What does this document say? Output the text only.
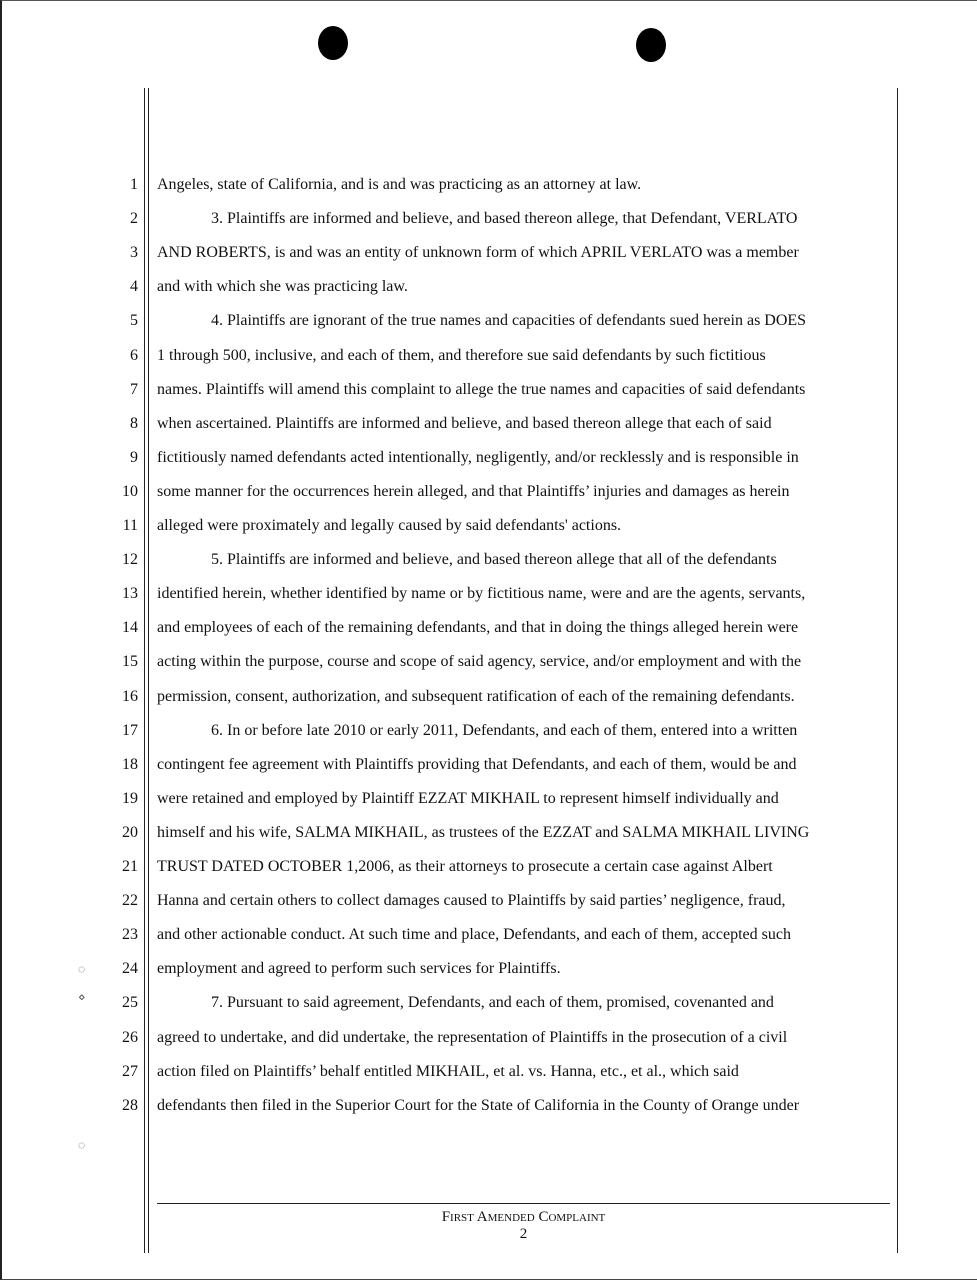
1 Angeles, state of California, and is and was practicing as an attorney at law.
2	3. Plaintiffs are informed and believe, and based thereon allege, that Defendant, VERLATO
3 AND ROBERTS, is and was an entity of unknown form of which APRIL VERLATO was a member
4 and with which she was practicing law.
5	4. Plaintiffs are ignorant of the true names and capacities of defendants sued herein as DOES
6 1 through 500, inclusive, and each of them, and therefore sue said defendants by such fictitious
7 names. Plaintiffs will amend this complaint to allege the true names and capacities of said defendants
8 when ascertained. Plaintiffs are informed and believe, and based thereon allege that each of said
9 fictitiously named defendants acted intentionally, negligently, and/or recklessly and is responsible in
10 some manner for the occurrences herein alleged, and that Plaintiffs’ injuries and damages as herein
11 alleged were proximately and legally caused by said defendants' actions.
12	5. Plaintiffs are informed and believe, and based thereon allege that all of the defendants
13 identified herein, whether identified by name or by fictitious name, were and are the agents, servants,
14 and employees of each of the remaining defendants, and that in doing the things alleged herein were
15 acting within the purpose, course and scope of said agency, service, and/or employment and with the
16 permission, consent, authorization, and subsequent ratification of each of the remaining defendants.
17	6. In or before late 2010 or early 2011, Defendants, and each of them, entered into a written
18 contingent fee agreement with Plaintiffs providing that Defendants, and each of them, would be and
19 were retained and employed by Plaintiff EZZAT MIKHAIL to represent himself individually and
20 himself and his wife, SALMA MIKHAIL, as trustees of the EZZAT and SALMA MIKHAIL LIVING
21 TRUST DATED OCTOBER 1,2006, as their attorneys to prosecute a certain case against Albert
22 Hanna and certain others to collect damages caused to Plaintiffs by said parties’ negligence, fraud,
23 and other actionable conduct. At such time and place, Defendants, and each of them, accepted such
24 employment and agreed to perform such services for Plaintiffs.
25	7. Pursuant to said agreement, Defendants, and each of them, promised, covenanted and
26 agreed to undertake, and did undertake, the representation of Plaintiffs in the prosecution of a civil
27 action filed on Plaintiffs’ behalf entitled MIKHAIL, et al. vs. Hanna, etc., et al., which said
28 defendants then filed in the Superior Court for the State of California in the County of Orange under
◌
⋄
◌
First Amended Complaint
2
